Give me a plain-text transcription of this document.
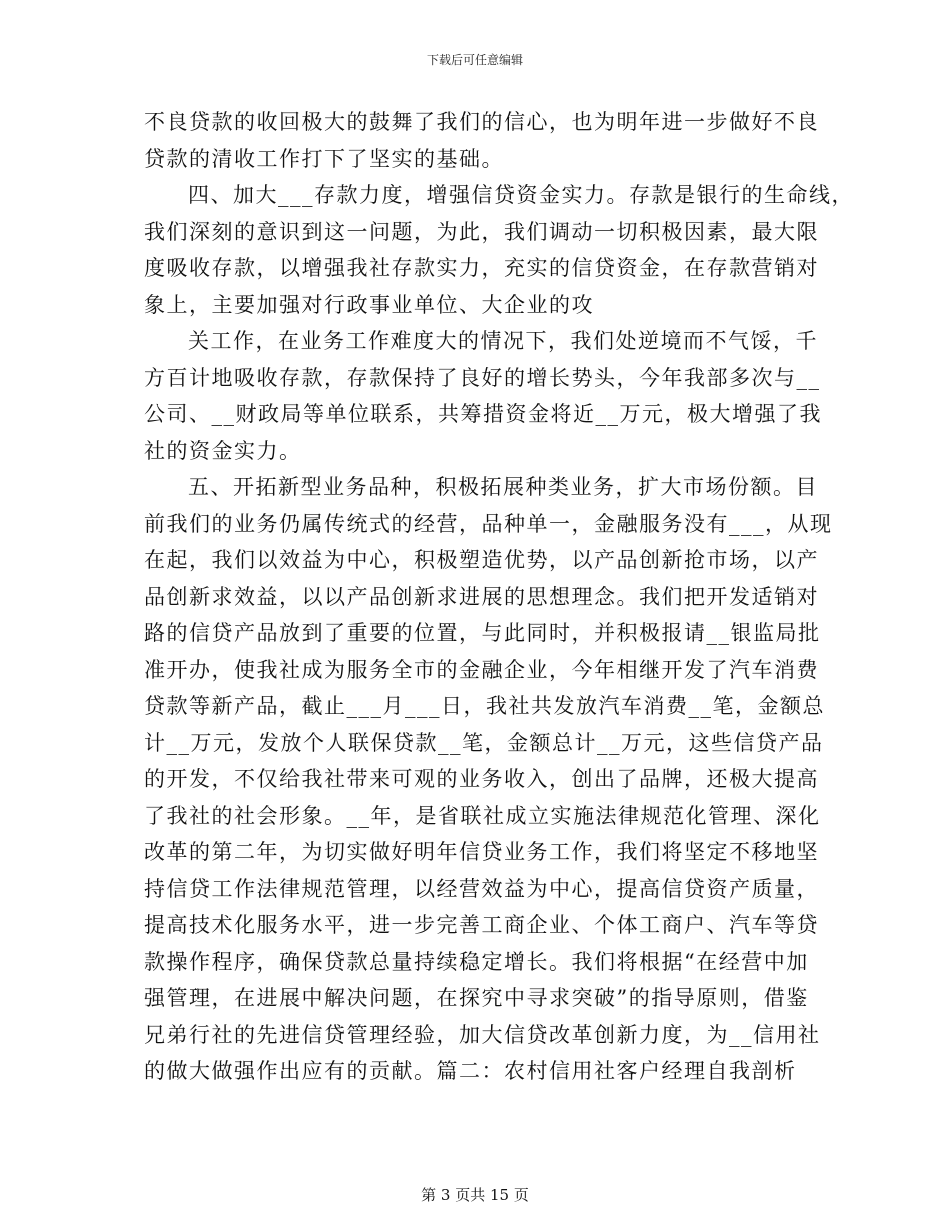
下载后可任意编辑
不良贷款的收回极大的鼓舞了我们的信心，也为明年进一步做好不良
贷款的清收工作打下了坚实的基础。
四、加大___存款力度，增强信贷资金实力。存款是银行的生命线，
我们深刻的意识到这一问题，为此，我们调动一切积极因素，最大限
度吸收存款，以增强我社存款实力，充实的信贷资金，在存款营销对
象上，主要加强对行政事业单位、大企业的攻
关工作，在业务工作难度大的情况下，我们处逆境而不气馁，千
方百计地吸收存款，存款保持了良好的增长势头，今年我部多次与__
公司、__财政局等单位联系，共筹措资金将近__万元，极大增强了我
社的资金实力。
五、开拓新型业务品种，积极拓展种类业务，扩大市场份额。目
前我们的业务仍属传统式的经营，品种单一，金融服务没有___，从现
在起，我们以效益为中心，积极塑造优势，以产品创新抢市场，以产
品创新求效益，以以产品创新求进展的思想理念。我们把开发适销对
路的信贷产品放到了重要的位置，与此同时，并积极报请__银监局批
准开办，使我社成为服务全市的金融企业，今年相继开发了汽车消费
贷款等新产品，截止___月___日，我社共发放汽车消费__笔，金额总
计__万元，发放个人联保贷款__笔，金额总计__万元，这些信贷产品
的开发，不仅给我社带来可观的业务收入，创出了品牌，还极大提高
了我社的社会形象。__年，是省联社成立实施法律规范化管理、深化
改革的第二年，为切实做好明年信贷业务工作，我们将坚定不移地坚
持信贷工作法律规范管理，以经营效益为中心，提高信贷资产质量，
提高技术化服务水平，进一步完善工商企业、个体工商户、汽车等贷
款操作程序，确保贷款总量持续稳定增长。我们将根据“在经营中加
强管理，在进展中解决问题，在探究中寻求突破”的指导原则，借鉴
兄弟行社的先进信贷管理经验，加大信贷改革创新力度，为__信用社
的做大做强作出应有的贡献。篇二：农村信用社客户经理自我剖析
第 3 页共 15 页
